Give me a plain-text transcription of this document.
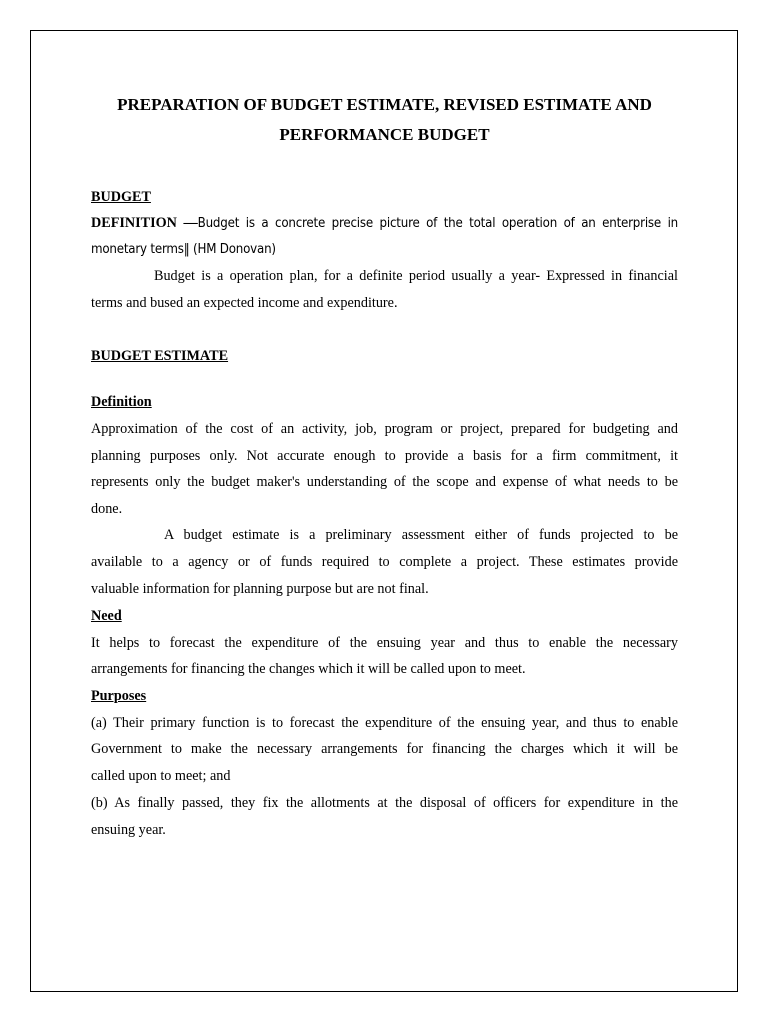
PREPARATION OF BUDGET ESTIMATE, REVISED ESTIMATE AND
PERFORMANCE BUDGET
BUDGET
DEFINITION —Budget is a concrete precise picture of the total operation of an enterprise in
monetary terms‖ (HM Donovan)
Budget is a operation plan, for a definite period usually a year- Expressed in financial
terms and bused an expected income and expenditure.
BUDGET ESTIMATE
Definition
Approximation of the cost of an activity, job, program or project, prepared for budgeting and
planning purposes only. Not accurate enough to provide a basis for a firm commitment, it
represents only the budget maker's understanding of the scope and expense of what needs to be
done.
A budget estimate is a preliminary assessment either of funds projected to be
available to a agency or of funds required to complete a project. These estimates provide
valuable information for planning purpose but are not final.
Need
It helps to forecast the expenditure of the ensuing year and thus to enable the necessary
arrangements for financing the changes which it will be called upon to meet.
Purposes
(a) Their primary function is to forecast the expenditure of the ensuing year, and thus to enable
Government to make the necessary arrangements for financing the charges which it will be
called upon to meet; and
(b) As finally passed, they fix the allotments at the disposal of officers for expenditure in the
ensuing year.
